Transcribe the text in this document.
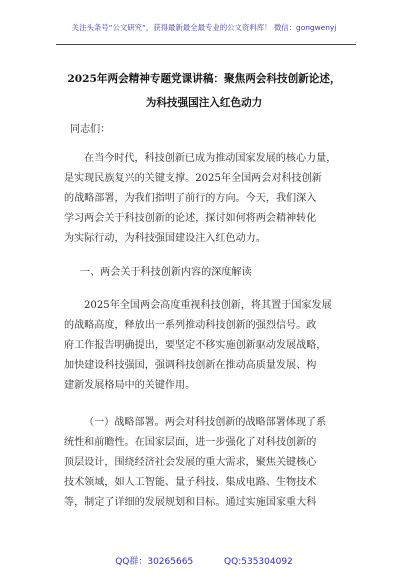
关注头条号“公文研究”，获得最新最全最专业的公文资料库！ 微信：gongwenyj
2025年两会精神专题党课讲稿：聚焦两会科技创新论述，
为科技强国注入红色动力
同志们：
在当今时代，科技创新已成为推动国家发展的核心力量，
是实现民族复兴的关键支撑。2025年全国两会对科技创新
的战略部署，为我们指明了前行的方向。今天，我们深入
学习两会关于科技创新的论述，探讨如何将两会精神转化
为实际行动，为科技强国建设注入红色动力。
一、两会关于科技创新内容的深度解读
2025年全国两会高度重视科技创新，将其置于国家发展
的战略高度，释放出一系列推动科技创新的强烈信号。政
府工作报告明确提出，要坚定不移实施创新驱动发展战略，
加快建设科技强国，强调科技创新在推动高质量发展、构
建新发展格局中的关键作用。
（一）战略部署。两会对科技创新的战略部署体现了系
统性和前瞻性。在国家层面，进一步强化了对科技创新的
顶层设计，围绕经济社会发展的重大需求，聚焦关键核心
技术领域，如人工智能、量子科技、集成电路、生物技术
等，制定了详细的发展规划和目标。通过实施国家重大科
QQ群：30265665	QQ:535304092
